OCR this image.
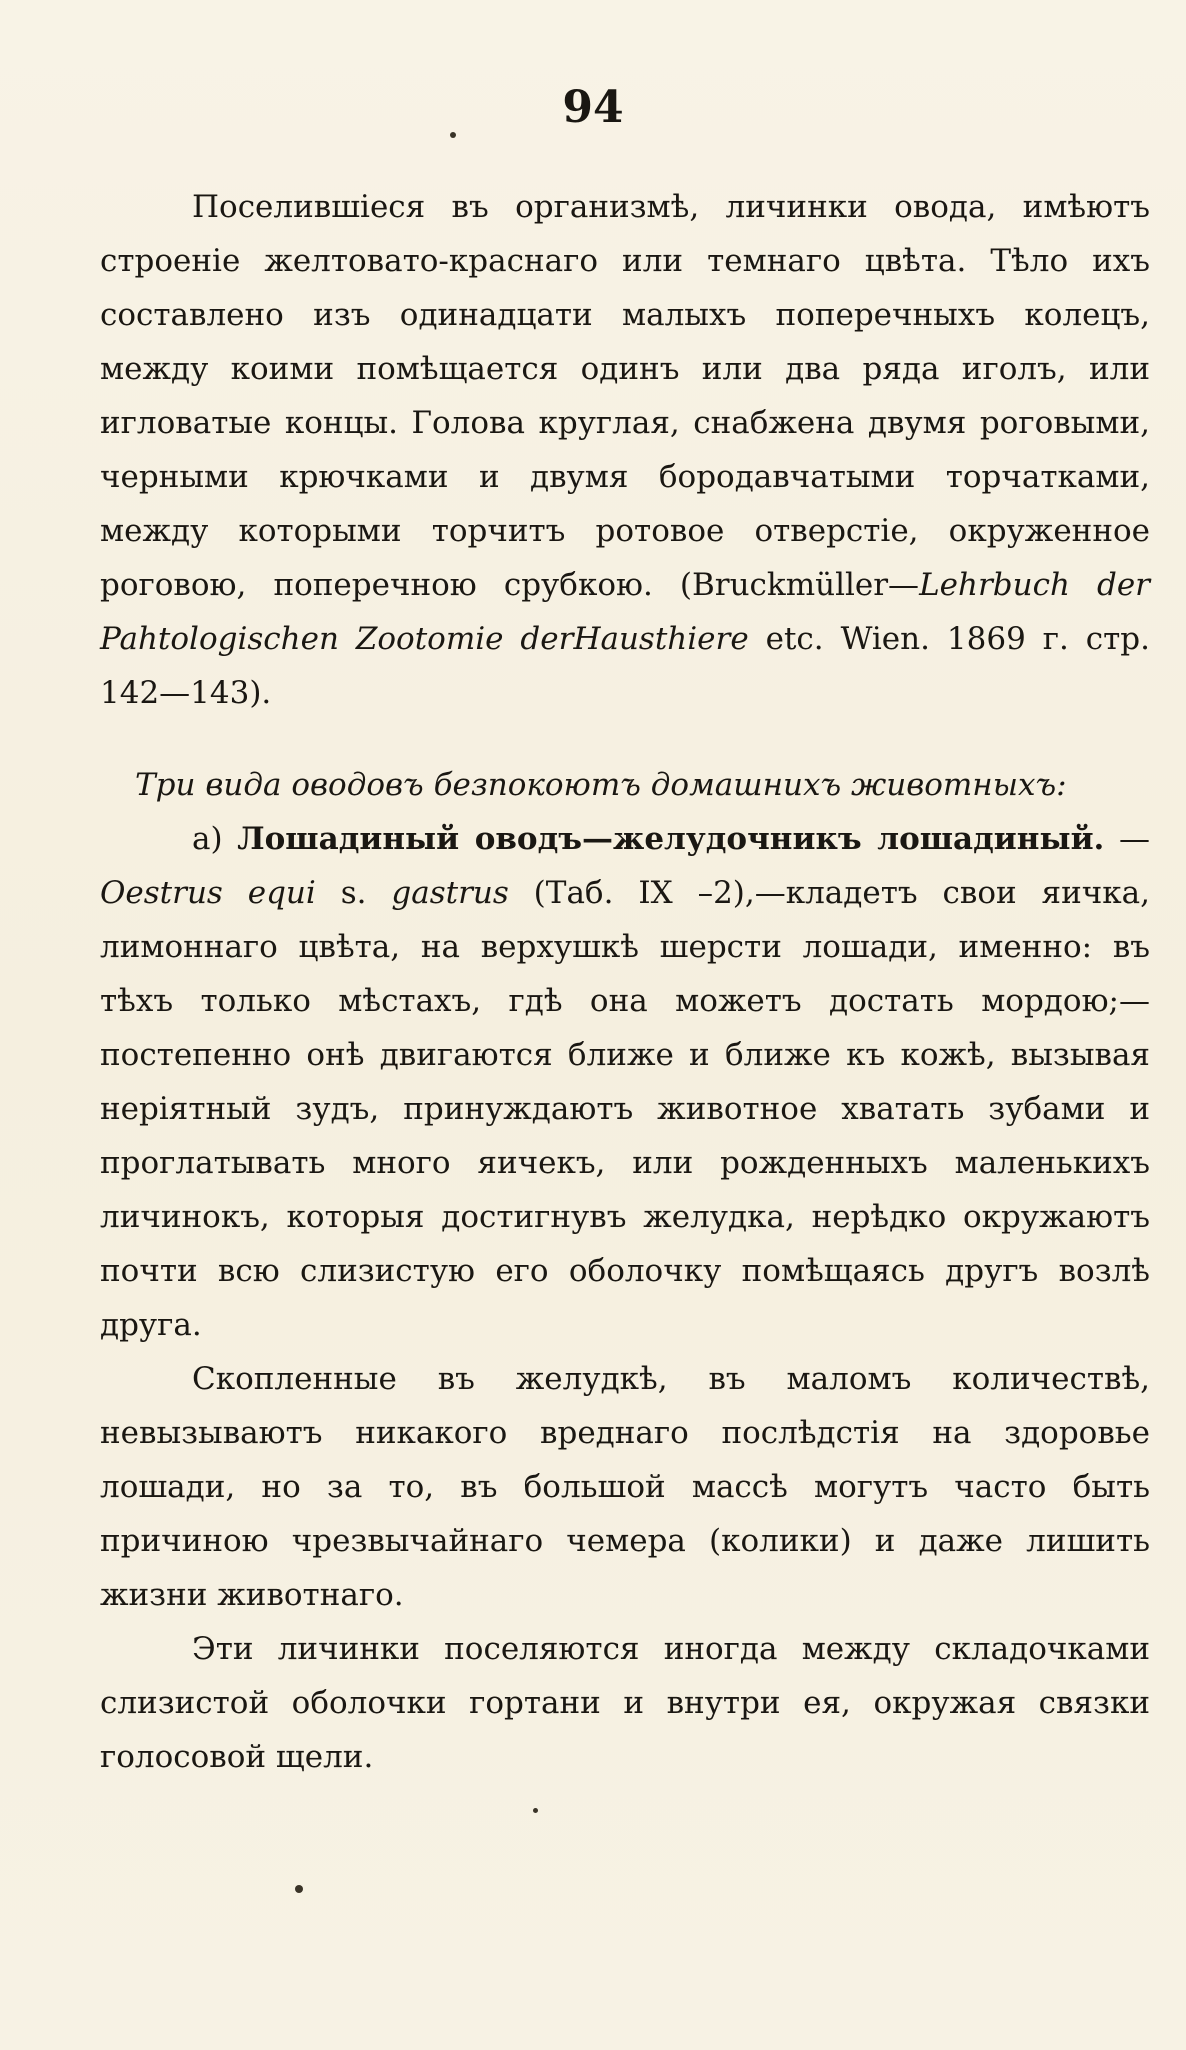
94

Поселившіеся въ организмѣ, личинки овода, имѣютъ строеніе желтовато-краснаго или темнаго цвѣта. Тѣло ихъ составлено изъ одинадцати малыхъ поперечныхъ колецъ, между коими помѣщается одинъ или два ряда иголъ, или игловатые концы. Голова круглая, снабжена двумя роговыми, черными крючками и двумя бородавчатыми торчатками, между которыми торчитъ ротовое отверстіе, окруженное роговою, поперечною срубкою. (Bruckmüller—Lehrbuch der Pahtologischen Zootomie derHausthiere etc. Wien. 1869 г. стр. 142—143).

Три вида оводовъ безпокоютъ домашнихъ животныхъ:

а) Лошадиный оводъ—желудочникъ лошадиный. — Oestrus equi s. gastrus (Таб. IX –2),—кладетъ свои яичка, лимоннаго цвѣта, на верхушкѣ шерсти лошади, именно: въ тѣхъ только мѣстахъ, гдѣ она можетъ достать мордою;—постепенно онѣ двигаются ближе и ближе къ кожѣ, вызывая неріятный зудъ, принуждаютъ животное хватать зубами и проглатывать много яичекъ, или рожденныхъ маленькихъ личинокъ, которыя достигнувъ желудка, нерѣдко окружаютъ почти всю слизистую его оболочку помѣщаясь другъ возлѣ друга.

Скопленные въ желудкѣ, въ маломъ количествѣ, невызываютъ никакого вреднаго послѣдстія на здоровье лошади, но за то, въ большой массѣ могутъ часто быть причиною чрезвычайнаго чемера (колики) и даже лишить жизни животнаго.

Эти личинки поселяются иногда между складочками слизистой оболочки гортани и внутри ея, окружая связки голосовой щели.
